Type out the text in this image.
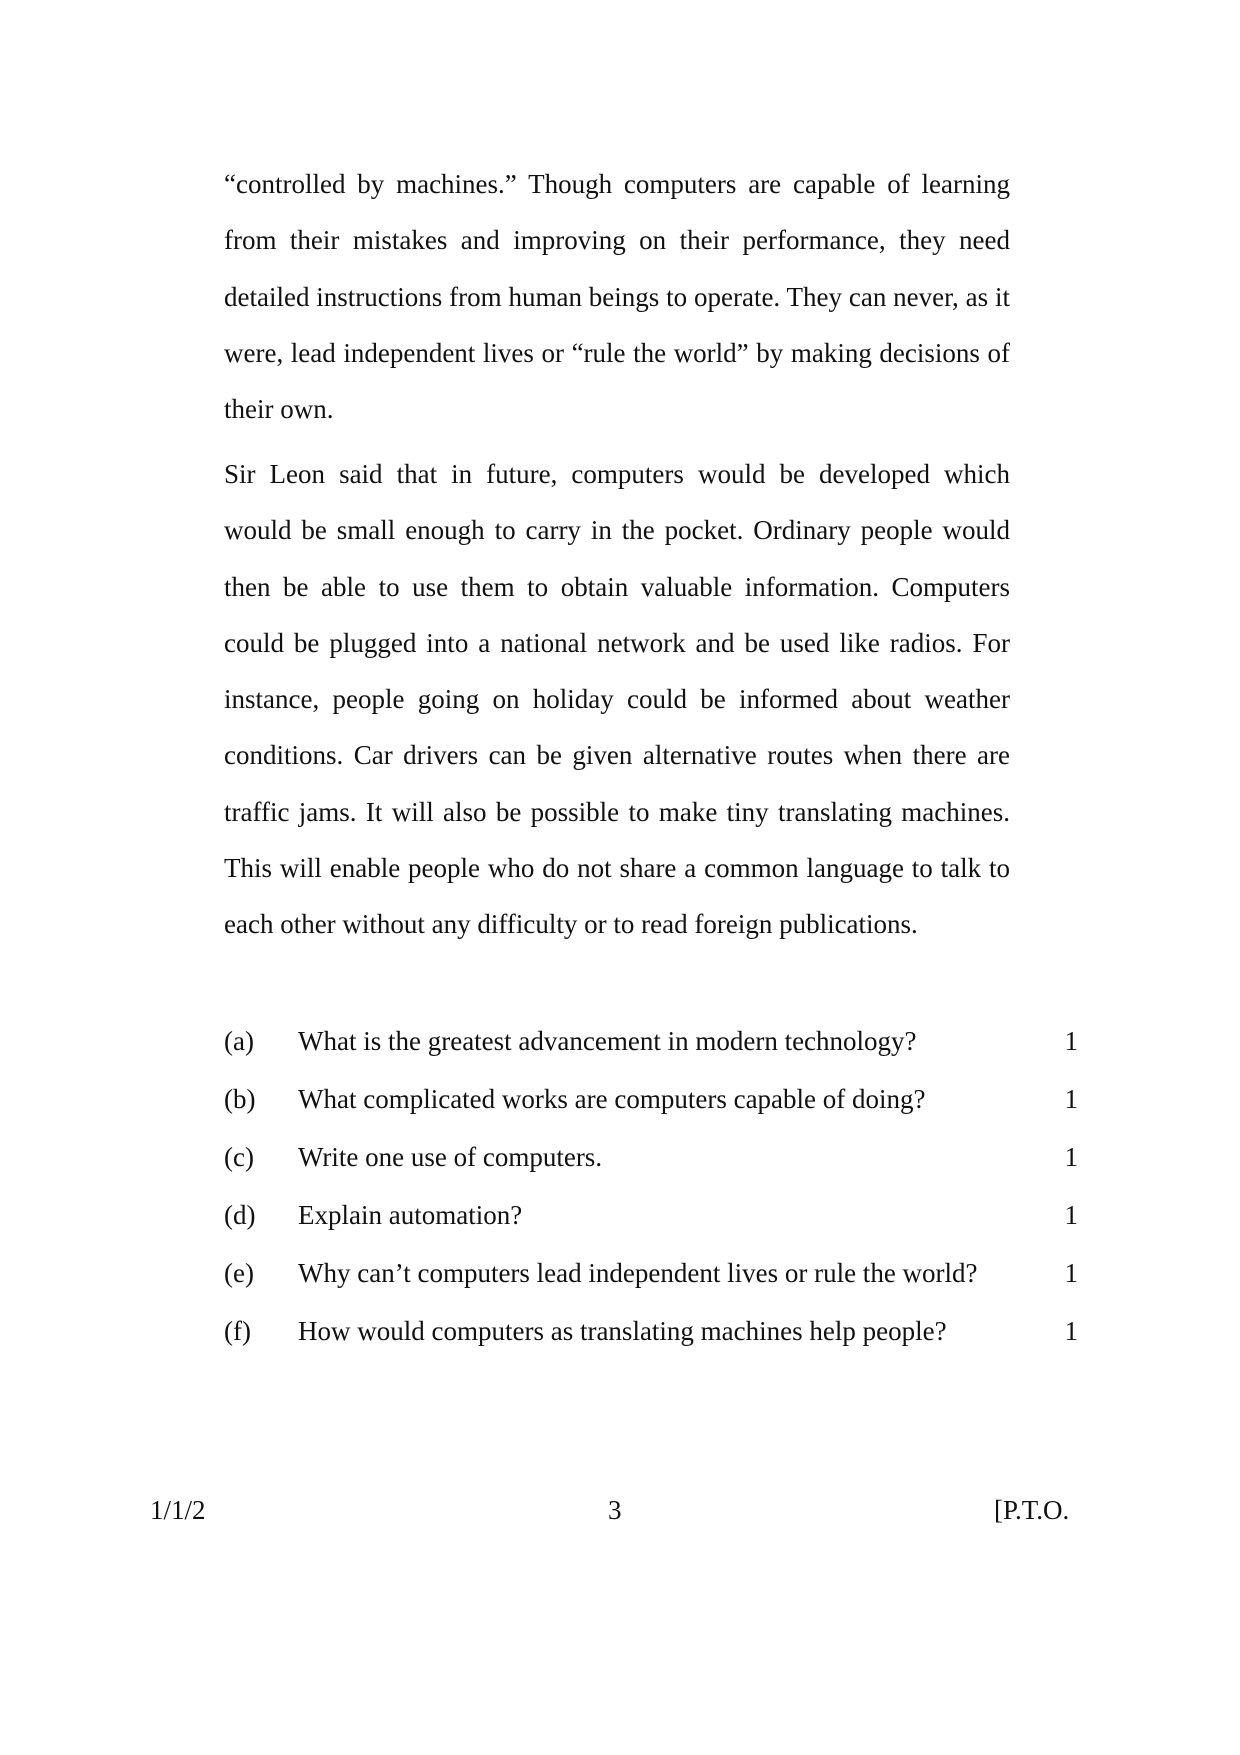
“controlled by machines.” Though computers are capable of learning from their mistakes and improving on their performance, they need detailed instructions from human beings to operate. They can never, as it were, lead independent lives or “rule the world” by making decisions of their own.

Sir Leon said that in future, computers would be developed which would be small enough to carry in the pocket. Ordinary people would then be able to use them to obtain valuable information. Computers could be plugged into a national network and be used like radios. For instance, people going on holiday could be informed about weather conditions. Car drivers can be given alternative routes when there are traffic jams. It will also be possible to make tiny translating machines. This will enable people who do not share a common language to talk to each other without any difficulty or to read foreign publications.

(a) What is the greatest advancement in modern technology?	1
(b) What complicated works are computers capable of doing?	1
(c) Write one use of computers.	1
(d) Explain automation?	1
(e) Why can’t computers lead independent lives or rule the world?	1
(f) How would computers as translating machines help people?	1
1/1/2	3	[P.T.O.
